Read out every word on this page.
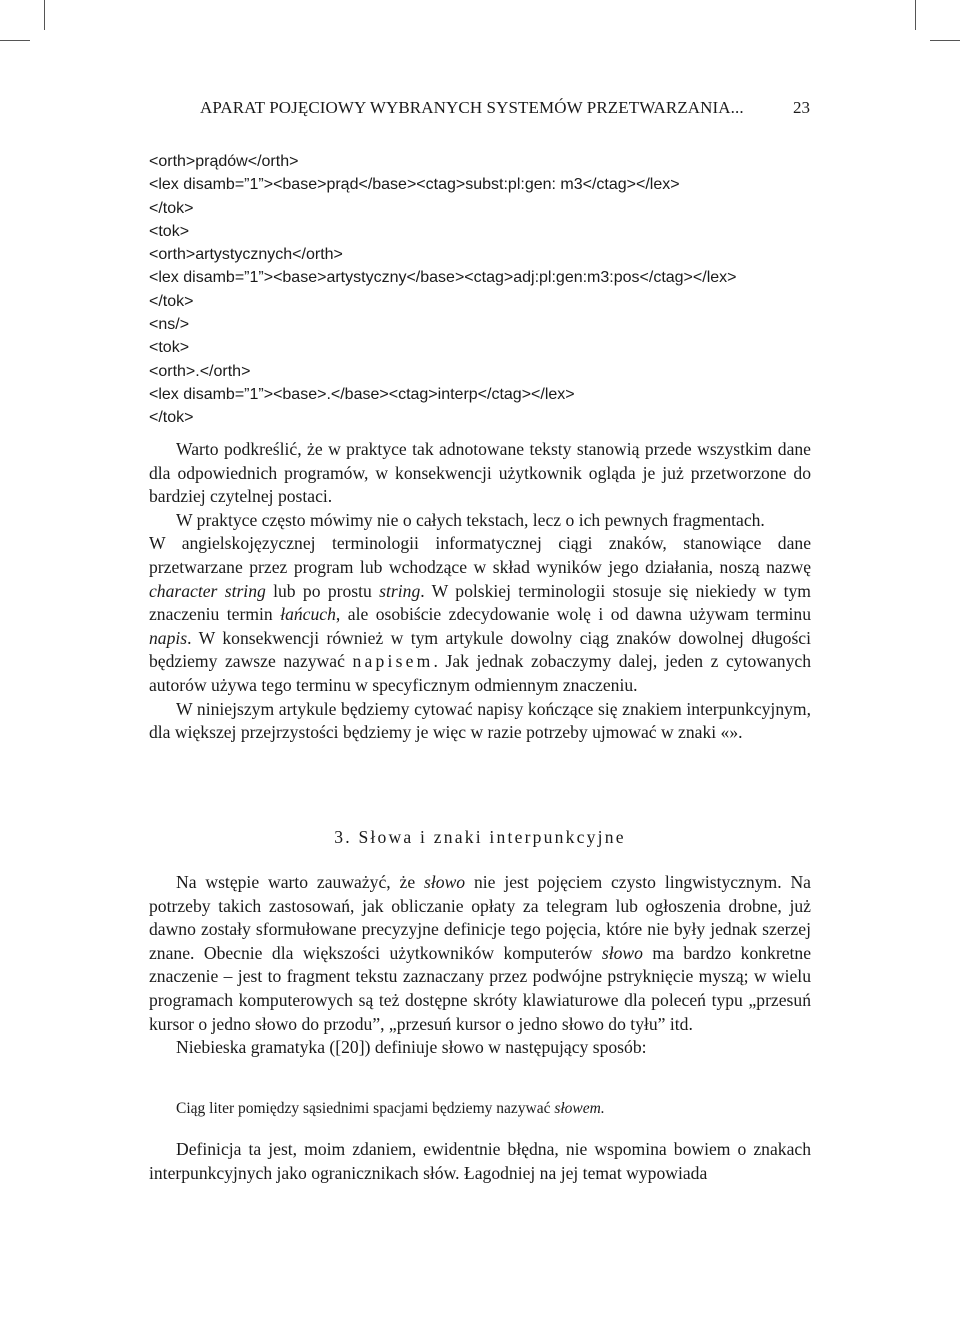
APARAT POJĘCIOWY WYBRANYCH SYSTEMÓW PRZETWARZANIA...	23
<orth>prądów</orth>
<lex disamb=”1”><base>prąd</base><ctag>subst:pl:gen: m3</ctag></lex>
</tok>
<tok>
<orth>artystycznych</orth>
<lex disamb=”1”><base>artystyczny</base><ctag>adj:pl:gen:m3:pos</ctag></lex>
</tok>
<ns/>
<tok>
<orth>.</orth>
<lex disamb=”1”><base>.</base><ctag>interp</ctag></lex>
</tok>

Warto podkreślić, że w praktyce tak adnotowane teksty stanowią przede wszystkim dane dla odpowiednich programów, w konsekwencji użytkownik ogląda je już przetworzone do bardziej czytelnej postaci.

W praktyce często mówimy nie o całych tekstach, lecz o ich pewnych fragmentach.

W angielskojęzycznej terminologii informatycznej ciągi znaków, stanowiące dane przetwarzane przez program lub wchodzące w skład wyników jego działania, noszą nazwę character string lub po prostu string. W polskiej terminologii stosuje się niekiedy w tym znaczeniu termin łańcuch, ale osobiście zdecydowanie wolę i od dawna używam terminu napis. W konsekwencji również w tym artykule dowolny ciąg znaków dowolnej długości będziemy zawsze nazywać napisem. Jak jednak zobaczymy dalej, jeden z cytowanych autorów używa tego terminu w specyficznym odmiennym znaczeniu.

W niniejszym artykule będziemy cytować napisy kończące się znakiem interpunkcyjnym, dla większej przejrzystości będziemy je więc w razie potrzeby ujmować w znaki «».

3. Słowa i znaki interpunkcyjne

Na wstępie warto zauważyć, że słowo nie jest pojęciem czysto lingwistycznym. Na potrzeby takich zastosowań, jak obliczanie opłaty za telegram lub ogłoszenia drobne, już dawno zostały sformułowane precyzyjne definicje tego pojęcia, które nie były jednak szerzej znane. Obecnie dla większości użytkowników komputerów słowo ma bardzo konkretne znaczenie – jest to fragment tekstu zaznaczany przez podwójne pstryknięcie myszą; w wielu programach komputerowych są też dostępne skróty klawiaturowe dla poleceń typu „przesuń kursor o jedno słowo do przodu”, „przesuń kursor o jedno słowo do tyłu” itd.

Niebieska gramatyka ([20]) definiuje słowo w następujący sposób:

Ciąg liter pomiędzy sąsiednimi spacjami będziemy nazywać słowem.

Definicja ta jest, moim zdaniem, ewidentnie błędna, nie wspomina bowiem o znakach interpunkcyjnych jako ogranicznikach słów. Łagodniej na jej temat wypowiada
